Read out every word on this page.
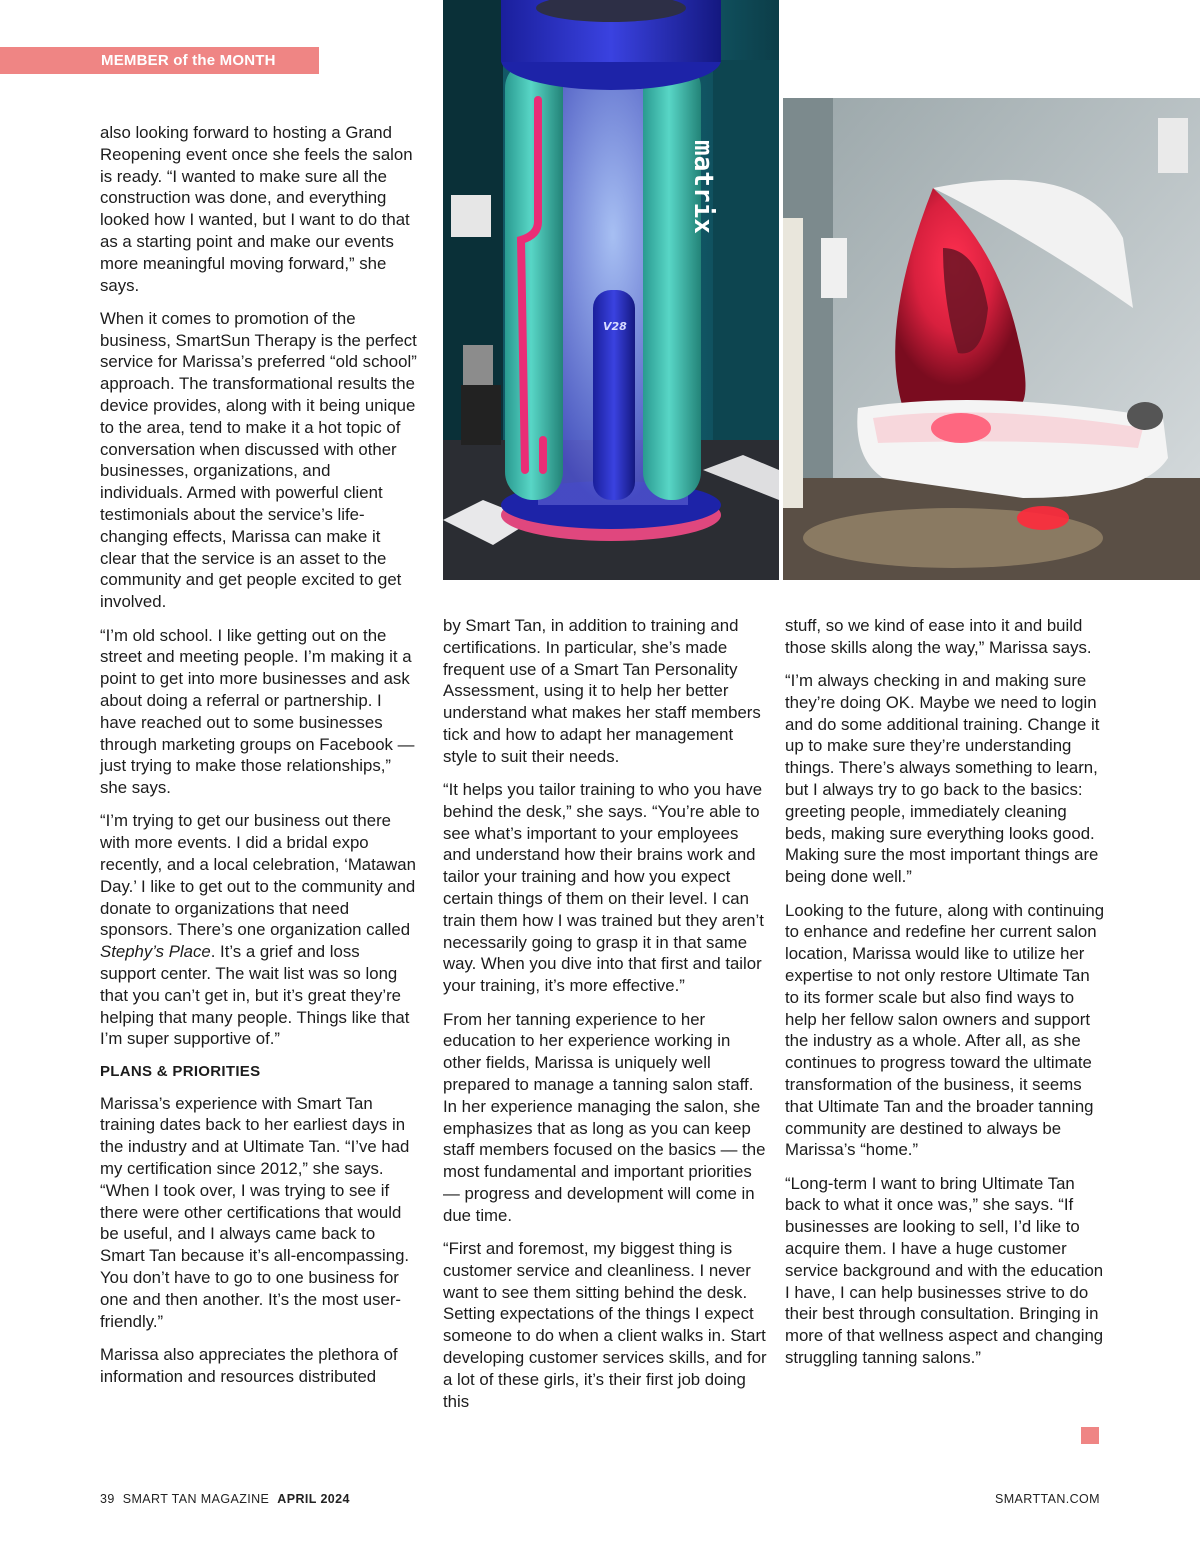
MEMBER of the MONTH

also looking forward to hosting a Grand Reopening event once she feels the salon is ready. “I wanted to make sure all the construction was done, and everything looked how I wanted, but I want to do that as a starting point and make our events more meaningful moving forward,” she says.

When it comes to promotion of the business, SmartSun Therapy is the perfect service for Marissa’s preferred “old school” approach. The transformational results the device provides, along with it being unique to the area, tend to make it a hot topic of conversation when discussed with other businesses, organizations, and individuals. Armed with powerful client testimonials about the service’s life-changing effects, Marissa can make it clear that the service is an asset to the community and get people excited to get involved.

“I’m old school. I like getting out on the street and meeting people. I’m making it a point to get into more businesses and ask about doing a referral or partnership. I have reached out to some businesses through marketing groups on Facebook — just trying to make those relationships,” she says.

“I’m trying to get our business out there with more events. I did a bridal expo recently, and a local celebration, ‘Matawan Day.’ I like to get out to the community and donate to organizations that need sponsors. There’s one organization called Stephy’s Place. It’s a grief and loss support center. The wait list was so long that you can’t get in, but it’s great they’re helping that many people. Things like that I’m super supportive of.”

PLANS & PRIORITIES

Marissa’s experience with Smart Tan training dates back to her earliest days in the industry and at Ultimate Tan. “I’ve had my certification since 2012,” she says. “When I took over, I was trying to see if there were other certifications that would be useful, and I always came back to Smart Tan because it’s all-encompassing. You don’t have to go to one business for one and then another. It’s the most user-friendly.”

Marissa also appreciates the plethora of information and resources distributed

matrix
V28

by Smart Tan, in addition to training and certifications. In particular, she’s made frequent use of a Smart Tan Personality Assessment, using it to help her better understand what makes her staff members tick and how to adapt her management style to suit their needs.

“It helps you tailor training to who you have behind the desk,” she says. “You’re able to see what’s important to your employees and understand how their brains work and tailor your training and how you expect certain things of them on their level. I can train them how I was trained but they aren’t necessarily going to grasp it in that same way. When you dive into that first and tailor your training, it’s more effective.”

From her tanning experience to her education to her experience working in other fields, Marissa is uniquely well prepared to manage a tanning salon staff. In her experience managing the salon, she emphasizes that as long as you can keep staff members focused on the basics — the most fundamental and important priorities — progress and development will come in due time.

“First and foremost, my biggest thing is customer service and cleanliness. I never want to see them sitting behind the desk. Setting expectations of the things I expect someone to do when a client walks in. Start developing customer services skills, and for a lot of these girls, it’s their first job doing this

stuff, so we kind of ease into it and build those skills along the way,” Marissa says.

“I’m always checking in and making sure they’re doing OK. Maybe we need to login and do some additional training. Change it up to make sure they’re understanding things. There’s always something to learn, but I always try to go back to the basics: greeting people, immediately cleaning beds, making sure everything looks good. Making sure the most important things are being done well.”

Looking to the future, along with continuing to enhance and redefine her current salon location, Marissa would like to utilize her expertise to not only restore Ultimate Tan to its former scale but also find ways to help her fellow salon owners and support the industry as a whole. After all, as she continues to progress toward the ultimate transformation of the business, it seems that Ultimate Tan and the broader tanning community are destined to always be Marissa’s “home.”

“Long-term I want to bring Ultimate Tan back to what it once was,” she says. “If businesses are looking to sell, I’d like to acquire them. I have a huge customer service background and with the education I have, I can help businesses strive to do their best through consultation. Bringing in more of that wellness aspect and changing struggling tanning salons.”

39 SMART TAN MAGAZINE APRIL 2024	SMARTTAN.COM
